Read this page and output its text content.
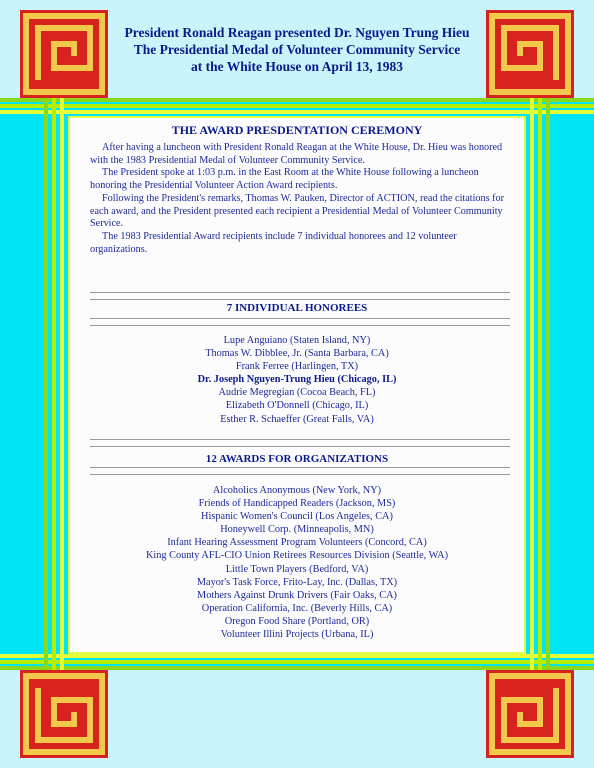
President Ronald Reagan presented Dr. Nguyen Trung Hieu
The Presidential Medal of Volunteer Community Service
at the White House on April 13, 1983
THE AWARD PRESDENTATION CEREMONY

After having a luncheon with President Ronald Reagan at the White House, Dr. Hieu was honored with the 1983 Presidential Medal of Volunteer Community Service.

The President spoke at 1:03 p.m. in the East Room at the White House following a luncheon honoring the Presidential Volunteer Action Award recipients.

Following the President's remarks, Thomas W. Pauken, Director of ACTION, read the citations for each award, and the President presented each recipient a Presidential Medal of Volunteer Community Service.

The 1983 Presidential Award recipients include 7 individual honorees and 12 volunteer organizations.

7 INDIVIDUAL HONOREES
Lupe Anguiano (Staten Island, NY)
Thomas W. Dibblee, Jr. (Santa Barbara, CA)
Frank Ferree (Harlingen, TX)
Dr. Joseph Nguyen-Trung Hieu (Chicago, IL)
Audrie Megregian (Cocoa Beach, FL)
Elizabeth O'Donnell (Chicago, IL)
Esther R. Schaeffer (Great Falls, VA)
12 AWARDS FOR ORGANIZATIONS
Alcoholics Anonymous (New York, NY)
Friends of Handicapped Readers (Jackson, MS)
Hispanic Women's Council (Los Angeles, CA)
Honeywell Corp. (Minneapolis, MN)
Infant Hearing Assessment Program Volunteers (Concord, CA)
King County AFL-CIO Union Retirees Resources Division (Seattle, WA)
Little Town Players (Bedford, VA)
Mayor's Task Force, Frito-Lay, Inc. (Dallas, TX)
Mothers Against Drunk Drivers (Fair Oaks, CA)
Operation California, Inc. (Beverly Hills, CA)
Oregon Food Share (Portland, OR)
Volunteer Illini Projects (Urbana, IL)
